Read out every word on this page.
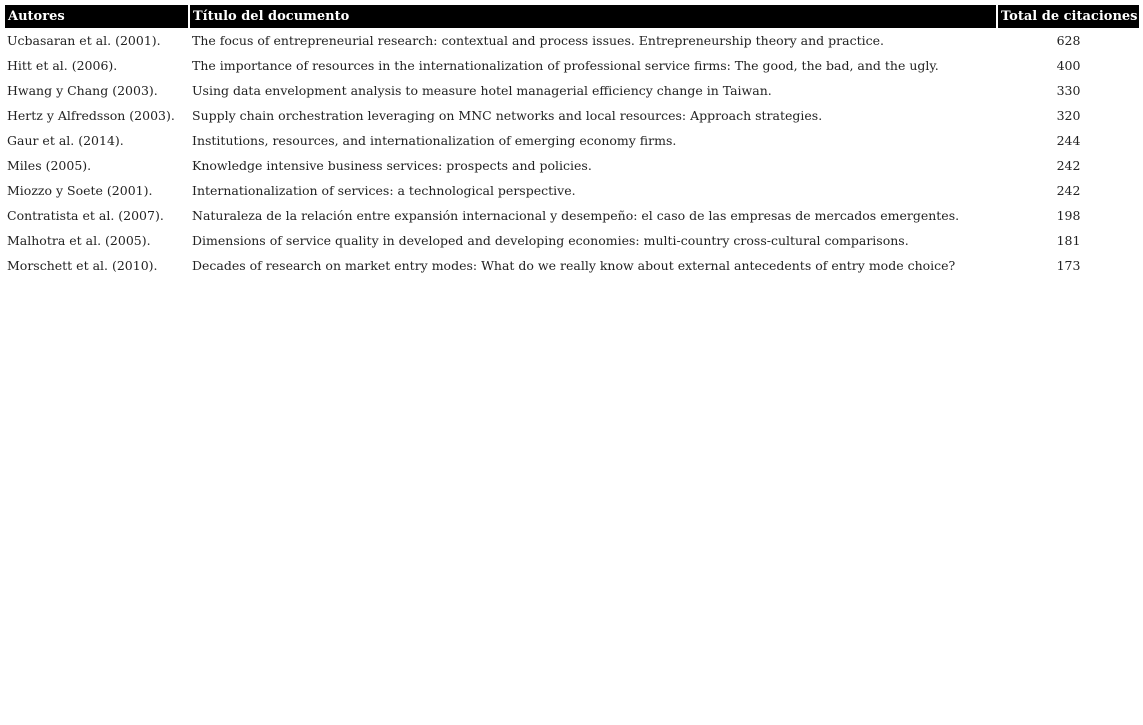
Autores	Título del documento	Total de citaciones
Ucbasaran et al. (2001).	The focus of entrepreneurial research: contextual and process issues. Entrepreneurship theory and practice.	628
Hitt et al. (2006).	The importance of resources in the internationalization of professional service firms: The good, the bad, and the ugly.	400
Hwang y Chang (2003).	Using data envelopment analysis to measure hotel managerial efficiency change in Taiwan.	330
Hertz y Alfredsson (2003).	Supply chain orchestration leveraging on MNC networks and local resources: Approach strategies.	320
Gaur et al. (2014).	Institutions, resources, and internationalization of emerging economy firms.	244
Miles (2005).	Knowledge intensive business services: prospects and policies.	242
Miozzo y Soete (2001).	Internationalization of services: a technological perspective.	242
Contratista et al. (2007).	Naturaleza de la relación entre expansión internacional y desempeño: el caso de las empresas de mercados emergentes.	198
Malhotra et al. (2005).	Dimensions of service quality in developed and developing economies: multi-country cross-cultural comparisons.	181
Morschett et al. (2010).	Decades of research on market entry modes: What do we really know about external antecedents of entry mode choice?	173
